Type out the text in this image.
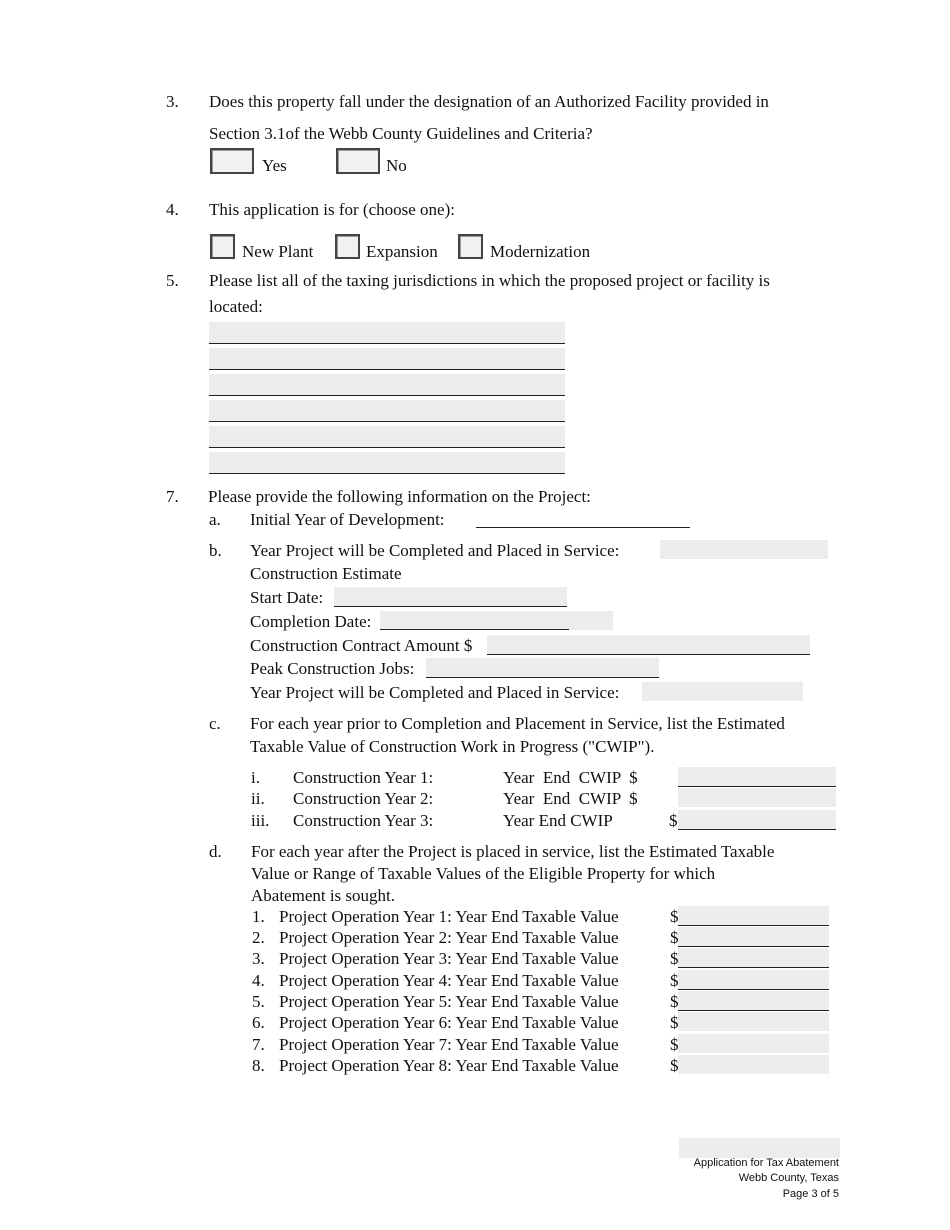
3. Does this property fall under the designation of an Authorized Facility provided in
Section 3.1of the Webb County Guidelines and Criteria?
Yes	No
4. This application is for (choose one):
New Plant	Expansion	Modernization
5. Please list all of the taxing jurisdictions in which the proposed project or facility is
located:
7. Please provide the following information on the Project:
a. Initial Year of Development:
b. Year Project will be Completed and Placed in Service:
Construction Estimate
Start Date:
Completion Date:
Construction Contract Amount $
Peak Construction Jobs:
Year Project will be Completed and Placed in Service:
c. For each year prior to Completion and Placement in Service, list the Estimated
Taxable Value of Construction Work in Progress ("CWIP").
i. Construction Year 1:	Year  End  CWIP  $
ii. Construction Year 2:	Year  End  CWIP  $
iii. Construction Year 3:	Year End CWIP	$
d. For each year after the Project is placed in service, list the Estimated Taxable
Value or Range of Taxable Values of the Eligible Property for which
Abatement is sought.
1. Project Operation Year 1: Year End Taxable Value	$
2. Project Operation Year 2: Year End Taxable Value	$
3. Project Operation Year 3: Year End Taxable Value	$
4. Project Operation Year 4: Year End Taxable Value	$
5. Project Operation Year 5: Year End Taxable Value	$
6. Project Operation Year 6: Year End Taxable Value	$
7. Project Operation Year 7: Year End Taxable Value	$
8. Project Operation Year 8: Year End Taxable Value	$
Application for Tax Abatement
Webb County, Texas
Page 3 of 5
